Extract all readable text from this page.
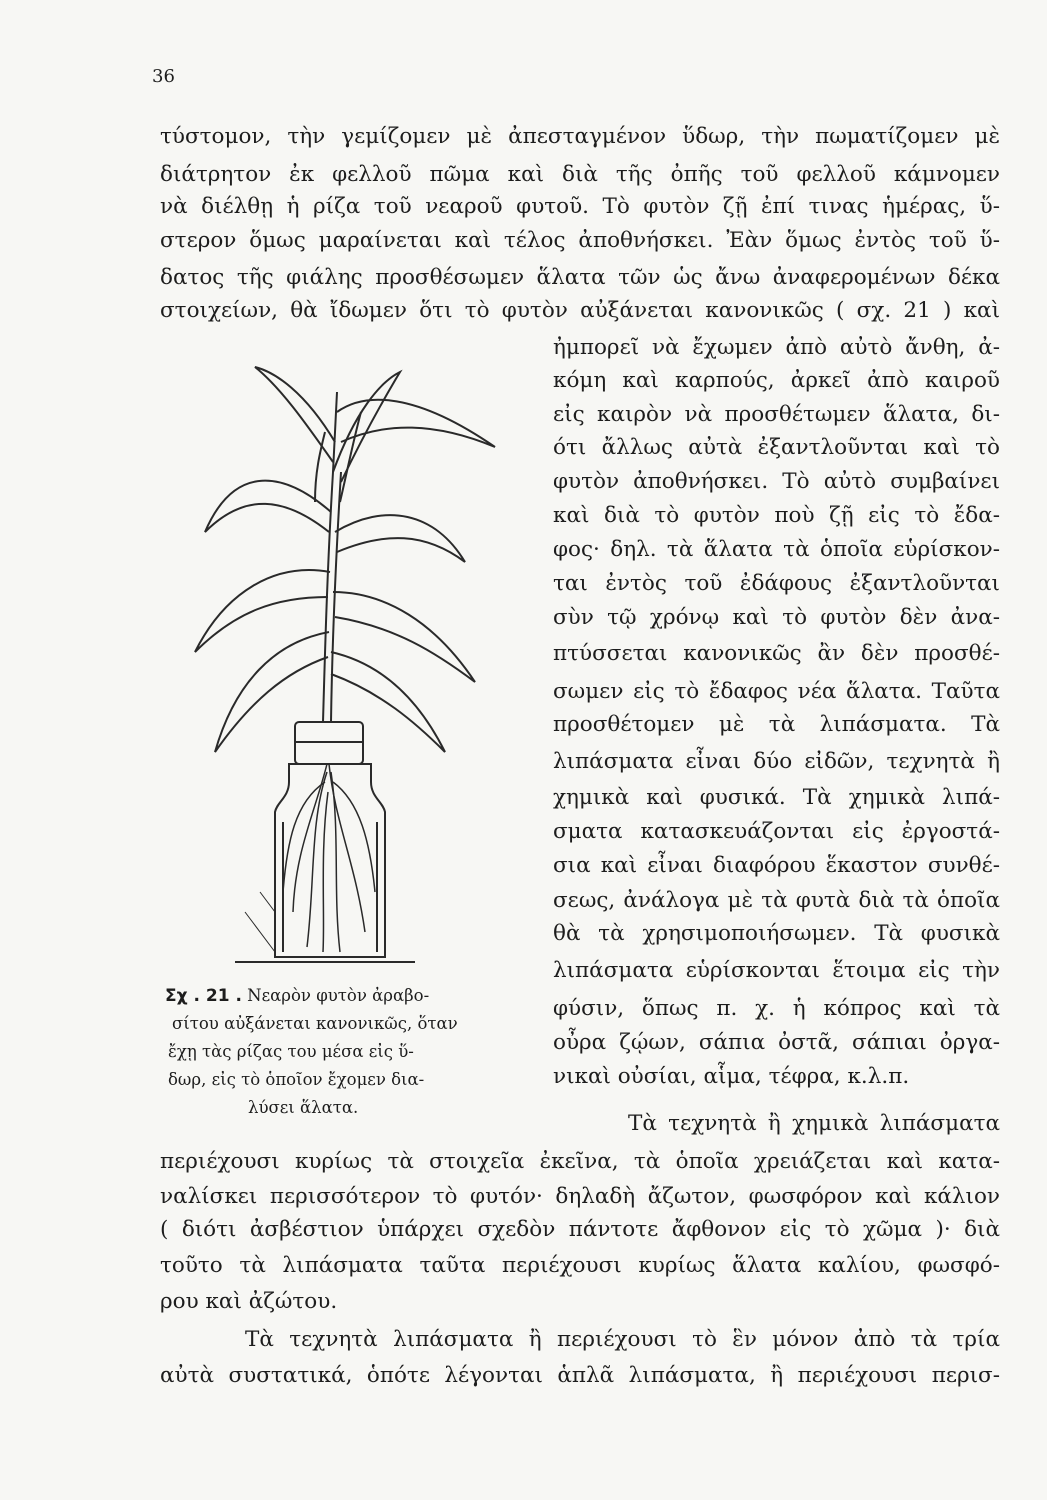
36
τύστομον, τὴν γεμίζομεν μὲ ἀπεσταγμένον ὕδωρ, τὴν πωματίζομεν μὲ
διάτρητον ἐκ φελλοῦ πῶμα καὶ διὰ τῆς ὀπῆς τοῦ φελλοῦ κάμνομεν
νὰ διέλθῃ ἡ ρίζα τοῦ νεαροῦ φυτοῦ. Τὸ φυτὸν ζῇ ἐπί τινας ἡμέρας, ὕ-
στερον ὅμως μαραίνεται καὶ τέλος ἀποθνήσκει. Ἐὰν ὅμως ἐντὸς τοῦ ὕ-
δατος τῆς φιάλης προσθέσωμεν ἅλατα τῶν ὡς ἄνω ἀναφερομένων δέκα
στοιχείων, θὰ ἴδωμεν ὅτι τὸ φυτὸν αὐξάνεται κανονικῶς ( σχ. 21 ) καὶ
ἠμπορεῖ νὰ ἔχωμεν ἀπὸ αὐτὸ ἄνθη, ἀ-
κόμη καὶ καρπούς, ἀρκεῖ ἀπὸ καιροῦ
εἰς καιρὸν νὰ προσθέτωμεν ἅλατα, δι-
ότι ἄλλως αὐτὰ ἐξαντλοῦνται καὶ τὸ
φυτὸν ἀποθνήσκει. Τὸ αὐτὸ συμβαίνει
καὶ διὰ τὸ φυτὸν ποὺ ζῇ εἰς τὸ ἔδα-
φος· δηλ. τὰ ἅλατα τὰ ὁποῖα εὑρίσκον-
ται ἐντὸς τοῦ ἐδάφους ἐξαντλοῦνται
σὺν τῷ χρόνῳ καὶ τὸ φυτὸν δὲν ἀνα-
πτύσσεται κανονικῶς ἂν δὲν προσθέ-
σωμεν εἰς τὸ ἔδαφος νέα ἅλατα. Ταῦτα
προσθέτομεν μὲ τὰ λιπάσματα. Τὰ
λιπάσματα εἶναι δύο εἰδῶν, τεχνητὰ ἢ
χημικὰ καὶ φυσικά. Τὰ χημικὰ λιπά-
σματα κατασκευάζονται εἰς ἐργοστά-
σια καὶ εἶναι διαφόρου ἕκαστον συνθέ-
σεως, ἀνάλογα μὲ τὰ φυτὰ διὰ τὰ ὁποῖα
θὰ τὰ χρησιμοποιήσωμεν. Τὰ φυσικὰ
λιπάσματα εὑρίσκονται ἕτοιμα εἰς τὴν
φύσιν, ὅπως π. χ. ἡ κόπρος καὶ τὰ
οὖρα ζῴων, σάπια ὀστᾶ, σάπιαι ὀργα-
νικαὶ οὐσίαι, αἷμα, τέφρα, κ.λ.π.
Σχ . 21 . Νεαρὸν φυτὸν ἀραβο-
σίτου αὐξάνεται κανονικῶς, ὅταν
ἔχῃ τὰς ρίζας του μέσα εἰς ὕ-
δωρ, εἰς τὸ ὁποῖον ἔχομεν δια-
λύσει ἅλατα.
Τὰ τεχνητὰ ἢ χημικὰ λιπάσματα
περιέχουσι κυρίως τὰ στοιχεῖα ἐκεῖνα, τὰ ὁποῖα χρειάζεται καὶ κατα-
ναλίσκει περισσότερον τὸ φυτόν· δηλαδὴ ἄζωτον, φωσφόρον καὶ κάλιον
( διότι ἀσβέστιον ὑπάρχει σχεδὸν πάντοτε ἄφθονον εἰς τὸ χῶμα )· διὰ
τοῦτο τὰ λιπάσματα ταῦτα περιέχουσι κυρίως ἅλατα καλίου, φωσφό-
ρου καὶ ἀζώτου.
Τὰ τεχνητὰ λιπάσματα ἢ περιέχουσι τὸ ἓν μόνον ἀπὸ τὰ τρία
αὐτὰ συστατικά, ὁπότε λέγονται ἁπλᾶ λιπάσματα, ἢ περιέχουσι περισ-
